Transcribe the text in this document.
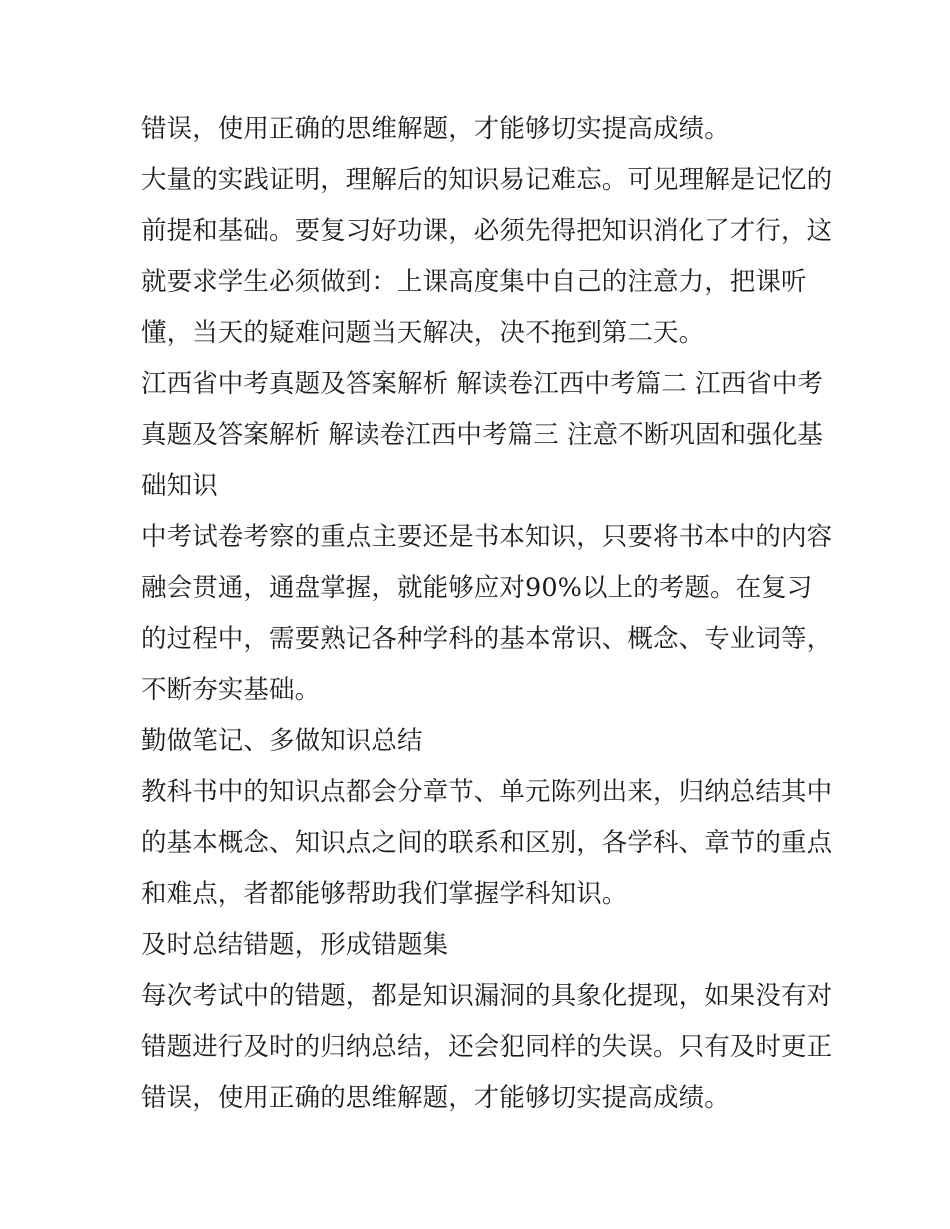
错误，使用正确的思维解题，才能够切实提高成绩。
大量的实践证明，理解后的知识易记难忘。可见理解是记忆的
前提和基础。要复习好功课，必须先得把知识消化了才行，这
就要求学生必须做到：上课高度集中自己的注意力，把课听
懂，当天的疑难问题当天解决，决不拖到第二天。
江西省中考真题及答案解析 解读卷江西中考篇二 江西省中考
真题及答案解析 解读卷江西中考篇三 注意不断巩固和强化基
础知识
中考试卷考察的重点主要还是书本知识，只要将书本中的内容
融会贯通，通盘掌握，就能够应对90%以上的考题。在复习
的过程中，需要熟记各种学科的基本常识、概念、专业词等，
不断夯实基础。
勤做笔记、多做知识总结
教科书中的知识点都会分章节、单元陈列出来，归纳总结其中
的基本概念、知识点之间的联系和区别，各学科、章节的重点
和难点，者都能够帮助我们掌握学科知识。
及时总结错题，形成错题集
每次考试中的错题，都是知识漏洞的具象化提现，如果没有对
错题进行及时的归纳总结，还会犯同样的失误。只有及时更正
错误，使用正确的思维解题，才能够切实提高成绩。
